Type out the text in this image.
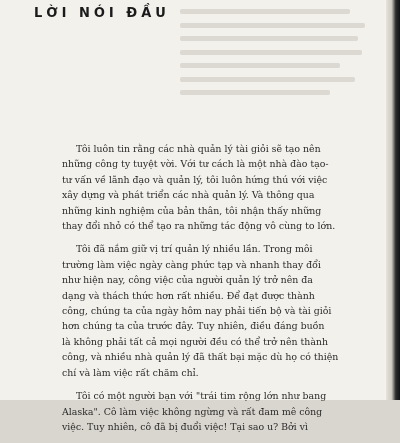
LỜI NÓI ĐẦU
Tôi luôn tin rằng các nhà quản lý tài giỏi sẽ tạo nên
những công ty tuyệt vời. Với tư cách là một nhà đào tạo-
tư vấn về lãnh đạo và quản lý, tôi luôn hứng thú với việc
xây dựng và phát triển các nhà quản lý. Và thông qua
những kinh nghiệm của bản thân, tôi nhận thấy những
thay đổi nhỏ có thể tạo ra những tác động vô cùng to lớn.
Tôi đã nắm giữ vị trí quản lý nhiều lần. Trong môi
trường làm việc ngày càng phức tạp và nhanh thay đổi
như hiện nay, công việc của người quản lý trở nên đa
dạng và thách thức hơn rất nhiều. Để đạt được thành
công, chúng ta của ngày hôm nay phải tiến bộ và tài giỏi
hơn chúng ta của trước đây. Tuy nhiên, điều đáng buồn
là không phải tất cả mọi người đều có thể trở nên thành
công, và nhiều nhà quản lý đã thất bại mặc dù họ có thiện
chí và làm việc rất chăm chỉ.
Tôi có một người bạn với "trái tim rộng lớn như bang
Alaska". Cô làm việc không ngừng và rất đam mê công
việc. Tuy nhiên, cô đã bị đuổi việc! Tại sao u? Bởi vì
